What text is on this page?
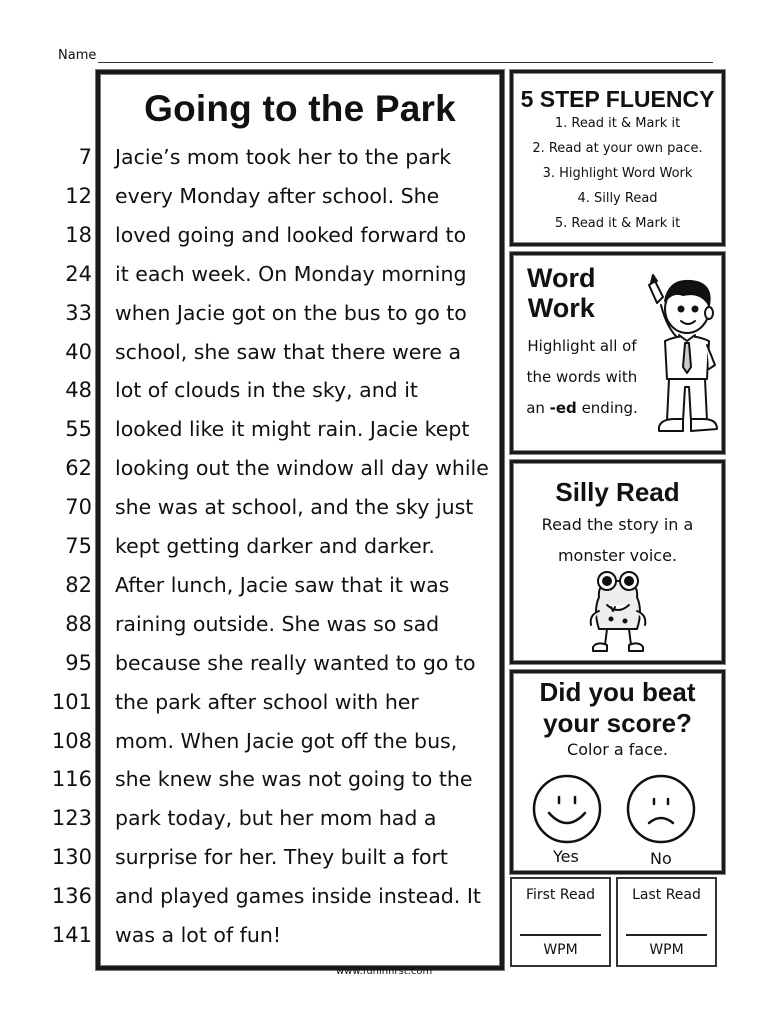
Name
Going to the Park
7 Jacie’s mom took her to the park
12 every Monday after school. She
18 loved going and looked forward to
24 it each week. On Monday morning
33 when Jacie got on the bus to go to
40 school, she saw that there were a
48 lot of clouds in the sky, and it
55 looked like it might rain. Jacie kept
62 looking out the window all day while
70 she was at school, and the sky just
75 kept getting darker and darker.
82 After lunch, Jacie saw that it was
88 raining outside. She was so sad
95 because she really wanted to go to
101 the park after school with her
108 mom. When Jacie got off the bus,
116 she knew she was not going to the
123 park today, but her mom had a
130 surprise for her. They built a fort
136 and played games inside instead. It
141 was a lot of fun!
5 STEP FLUENCY
1. Read it & Mark it
2. Read at your own pace.
3. Highlight Word Work
4. Silly Read
5. Read it & Mark it
Word
Work
Highlight all of
the words with
an -ed ending.
Silly Read
Read the story in a
monster voice.
Did you beat
your score?
Color a face.
Yes	No
First Read
WPM
Last Read
WPM
www.funinfirst.com
